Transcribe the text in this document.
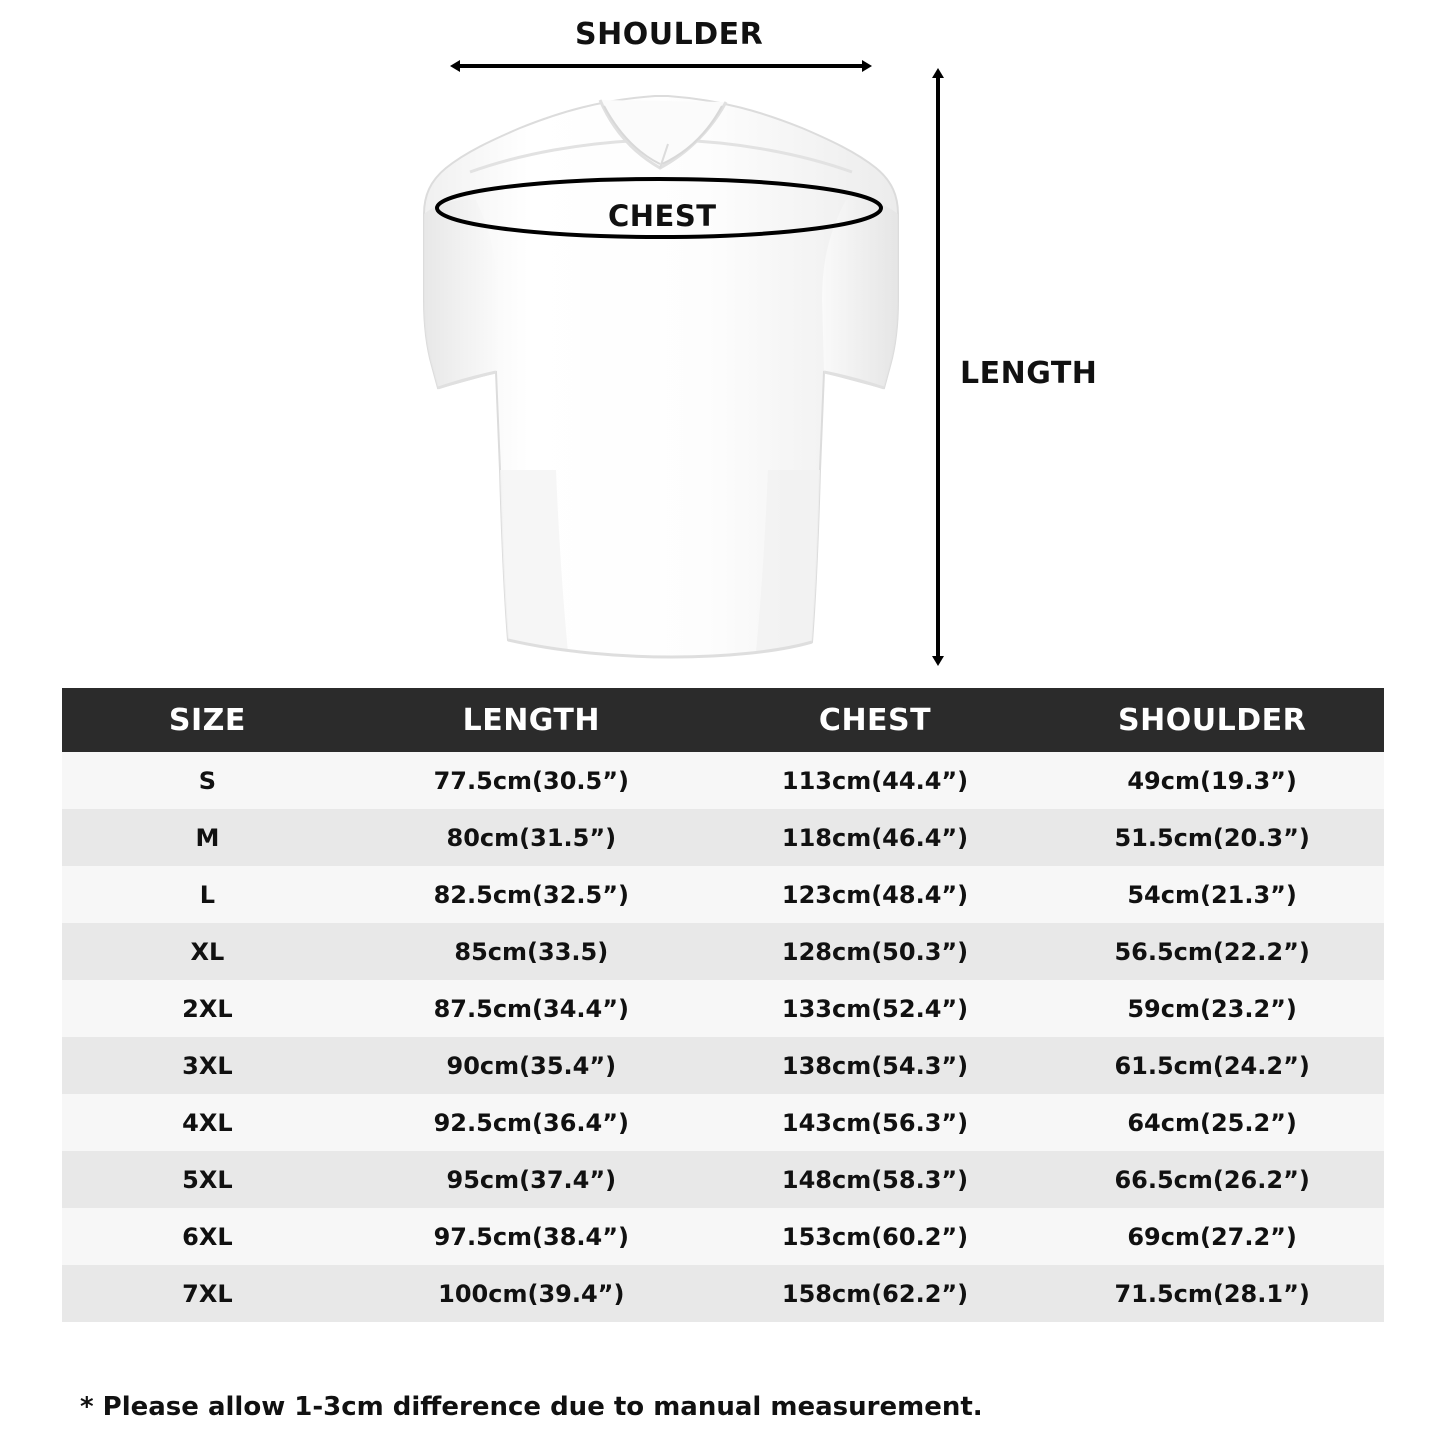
SHOULDER
CHEST
LENGTH
SIZE	LENGTH	CHEST	SHOULDER
S	77.5cm(30.5”)	113cm(44.4”)	49cm(19.3”)
M	80cm(31.5”)	118cm(46.4”)	51.5cm(20.3”)
L	82.5cm(32.5”)	123cm(48.4”)	54cm(21.3”)
XL	85cm(33.5)	128cm(50.3”)	56.5cm(22.2”)
2XL	87.5cm(34.4”)	133cm(52.4”)	59cm(23.2”)
3XL	90cm(35.4”)	138cm(54.3”)	61.5cm(24.2”)
4XL	92.5cm(36.4”)	143cm(56.3”)	64cm(25.2”)
5XL	95cm(37.4”)	148cm(58.3”)	66.5cm(26.2”)
6XL	97.5cm(38.4”)	153cm(60.2”)	69cm(27.2”)
7XL	100cm(39.4”)	158cm(62.2”)	71.5cm(28.1”)
* Please allow 1-3cm difference due to manual measurement.
